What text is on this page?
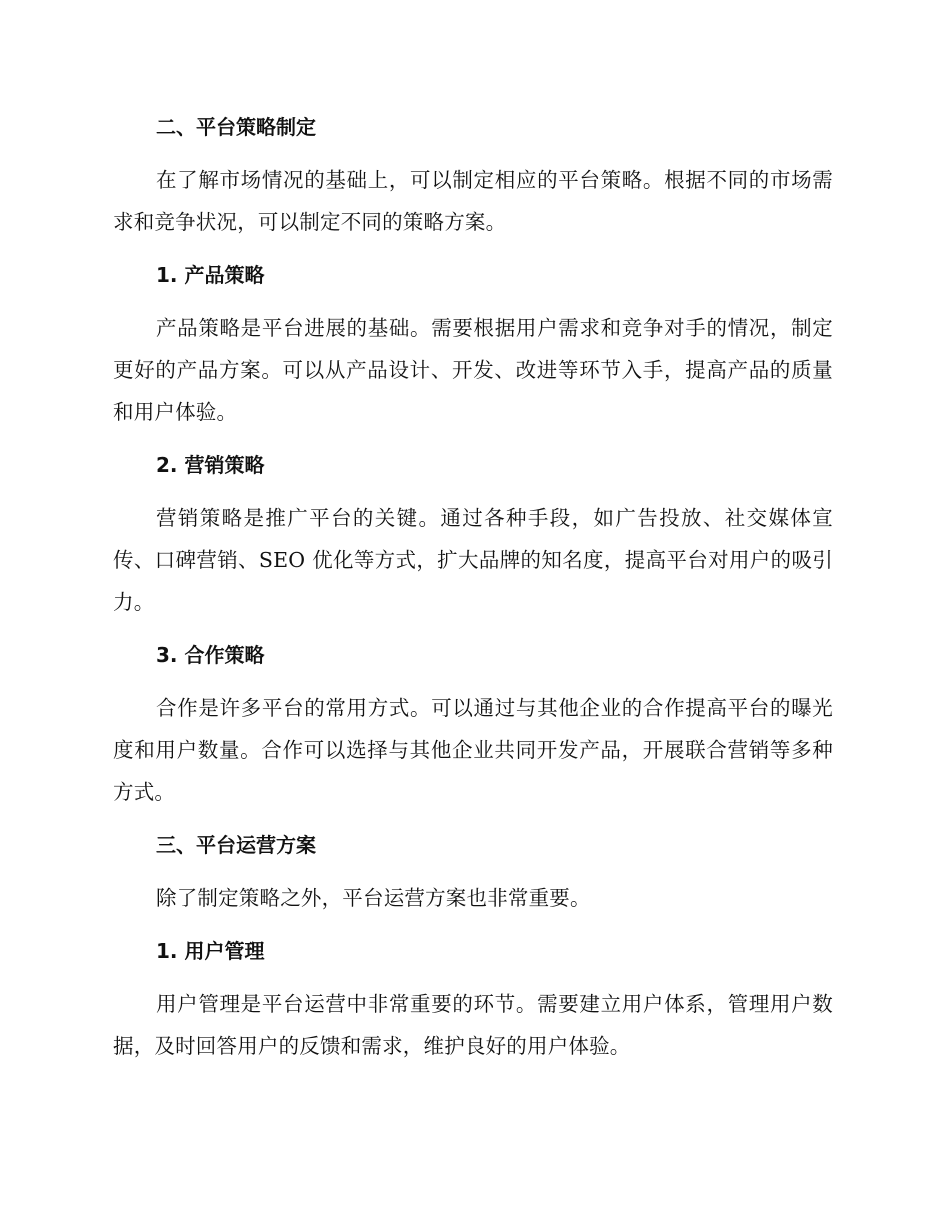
二、平台策略制定
在了解市场情况的基础上，可以制定相应的平台策略。根据不同的市场需求和竞争状况，可以制定不同的策略方案。
1. 产品策略
产品策略是平台进展的基础。需要根据用户需求和竞争对手的情况，制定更好的产品方案。可以从产品设计、开发、改进等环节入手，提高产品的质量和用户体验。
2. 营销策略
营销策略是推广平台的关键。通过各种手段，如广告投放、社交媒体宣传、口碑营销、SEO 优化等方式，扩大品牌的知名度，提高平台对用户的吸引力。
3. 合作策略
合作是许多平台的常用方式。可以通过与其他企业的合作提高平台的曝光度和用户数量。合作可以选择与其他企业共同开发产品，开展联合营销等多种方式。
三、平台运营方案
除了制定策略之外，平台运营方案也非常重要。
1. 用户管理
用户管理是平台运营中非常重要的环节。需要建立用户体系，管理用户数据，及时回答用户的反馈和需求，维护良好的用户体验。
